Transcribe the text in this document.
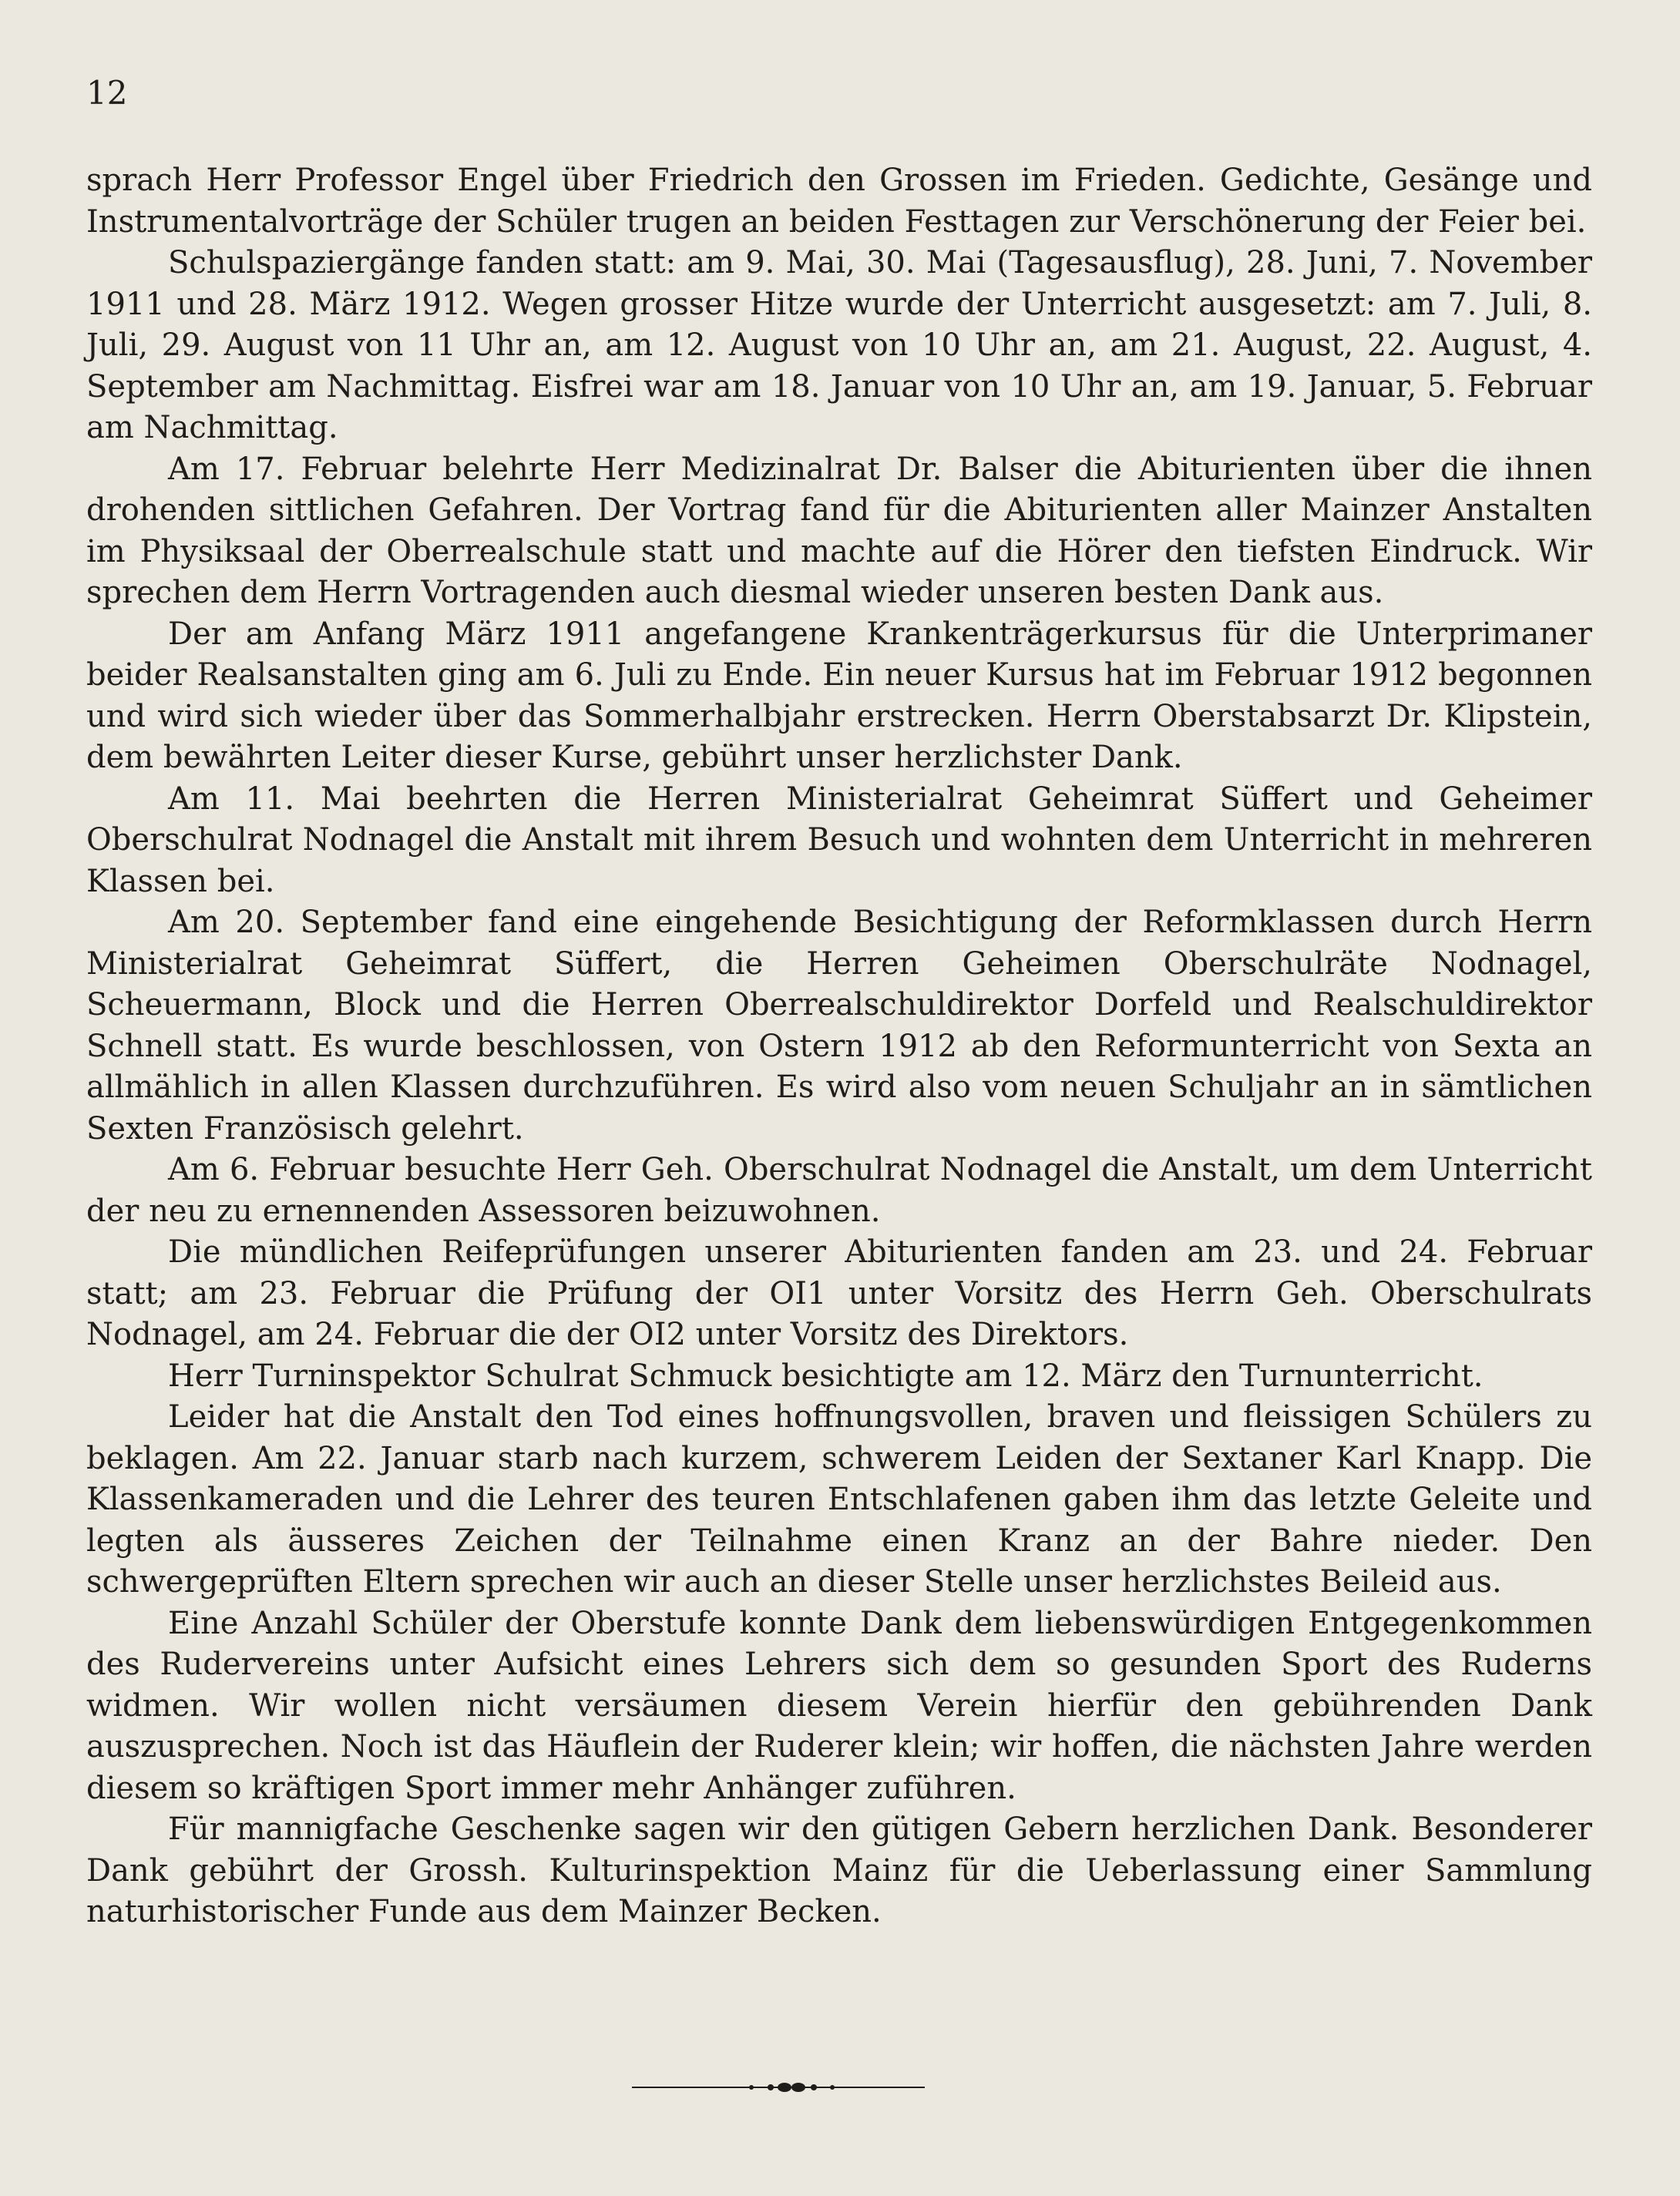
12

sprach Herr Professor Engel über Friedrich den Grossen im Frieden. Gedichte, Gesänge und Instrumentalvorträge der Schüler trugen an beiden Festtagen zur Verschönerung der Feier bei.

Schulspaziergänge fanden statt: am 9. Mai, 30. Mai (Tagesausflug), 28. Juni, 7. November 1911 und 28. März 1912. Wegen grosser Hitze wurde der Unterricht ausgesetzt: am 7. Juli, 8. Juli, 29. August von 11 Uhr an, am 12. August von 10 Uhr an, am 21. August, 22. August, 4. September am Nachmittag. Eisfrei war am 18. Januar von 10 Uhr an, am 19. Januar, 5. Februar am Nachmittag.

Am 17. Februar belehrte Herr Medizinalrat Dr. Balser die Abiturienten über die ihnen drohenden sittlichen Gefahren. Der Vortrag fand für die Abiturienten aller Mainzer Anstalten im Physiksaal der Oberrealschule statt und machte auf die Hörer den tiefsten Eindruck. Wir sprechen dem Herrn Vortragenden auch diesmal wieder unseren besten Dank aus.

Der am Anfang März 1911 angefangene Krankenträgerkursus für die Unterprimaner beider Realsanstalten ging am 6. Juli zu Ende. Ein neuer Kursus hat im Februar 1912 begonnen und wird sich wieder über das Sommerhalbjahr erstrecken. Herrn Oberstabsarzt Dr. Klipstein, dem bewährten Leiter dieser Kurse, gebührt unser herzlichster Dank.

Am 11. Mai beehrten die Herren Ministerialrat Geheimrat Süffert und Geheimer Oberschulrat Nodnagel die Anstalt mit ihrem Besuch und wohnten dem Unterricht in mehreren Klassen bei.

Am 20. September fand eine eingehende Besichtigung der Reformklassen durch Herrn Ministerialrat Geheimrat Süffert, die Herren Geheimen Oberschulräte Nodnagel, Scheuermann, Block und die Herren Oberrealschuldirektor Dorfeld und Realschuldirektor Schnell statt. Es wurde beschlossen, von Ostern 1912 ab den Reformunterricht von Sexta an allmählich in allen Klassen durchzuführen. Es wird also vom neuen Schuljahr an in sämtlichen Sexten Französisch gelehrt.

Am 6. Februar besuchte Herr Geh. Oberschulrat Nodnagel die Anstalt, um dem Unterricht der neu zu ernennenden Assessoren beizuwohnen.

Die mündlichen Reifeprüfungen unserer Abiturienten fanden am 23. und 24. Februar statt; am 23. Februar die Prüfung der OI1 unter Vorsitz des Herrn Geh. Oberschulrats Nodnagel, am 24. Februar die der OI2 unter Vorsitz des Direktors.

Herr Turninspektor Schulrat Schmuck besichtigte am 12. März den Turnunterricht.

Leider hat die Anstalt den Tod eines hoffnungsvollen, braven und fleissigen Schülers zu beklagen. Am 22. Januar starb nach kurzem, schwerem Leiden der Sextaner Karl Knapp. Die Klassenkameraden und die Lehrer des teuren Entschlafenen gaben ihm das letzte Geleite und legten als äusseres Zeichen der Teilnahme einen Kranz an der Bahre nieder. Den schwergeprüften Eltern sprechen wir auch an dieser Stelle unser herzlichstes Beileid aus.

Eine Anzahl Schüler der Oberstufe konnte Dank dem liebenswürdigen Entgegenkommen des Rudervereins unter Aufsicht eines Lehrers sich dem so gesunden Sport des Ruderns widmen. Wir wollen nicht versäumen diesem Verein hierfür den gebührenden Dank auszusprechen. Noch ist das Häuflein der Ruderer klein; wir hoffen, die nächsten Jahre werden diesem so kräftigen Sport immer mehr Anhänger zuführen.

Für mannigfache Geschenke sagen wir den gütigen Gebern herzlichen Dank. Besonderer Dank gebührt der Grossh. Kulturinspektion Mainz für die Ueberlassung einer Sammlung naturhistorischer Funde aus dem Mainzer Becken.
